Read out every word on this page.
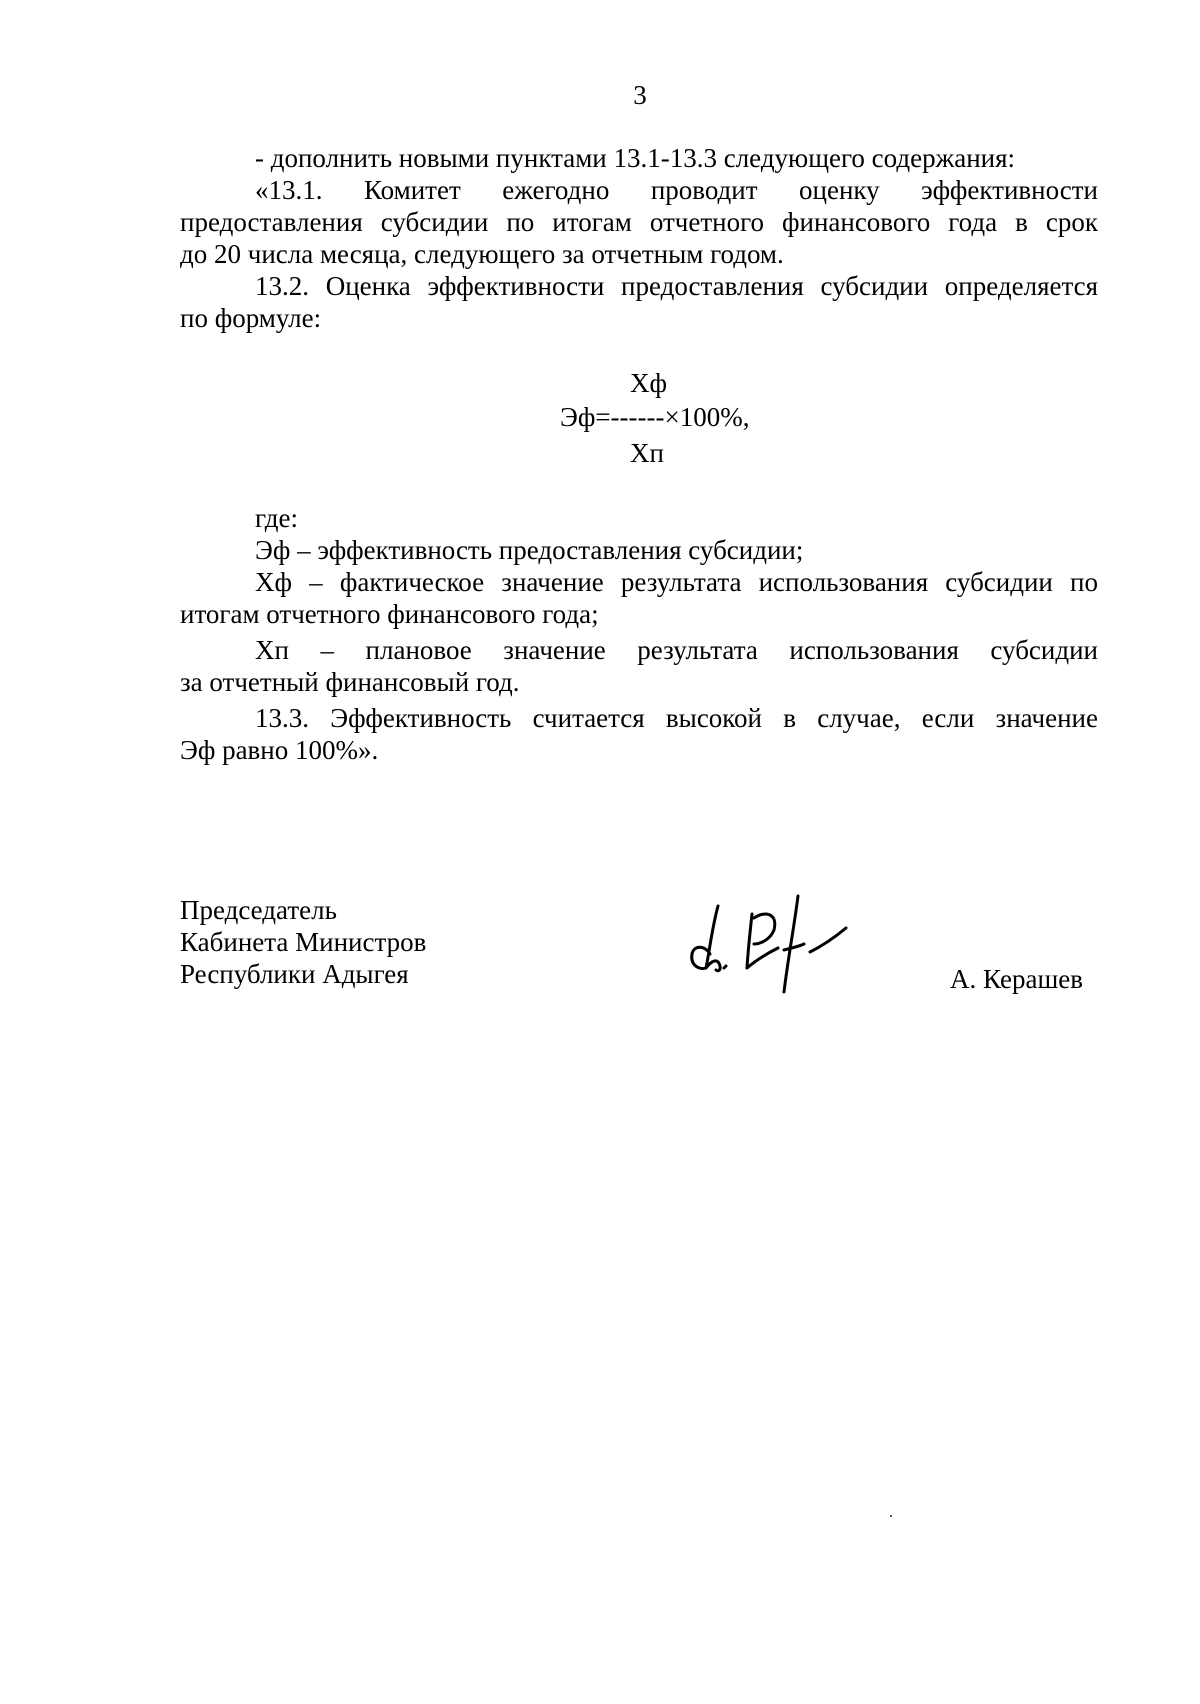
3
- дополнить новыми пунктами 13.1-13.3 следующего содержания:
«13.1. Комитет ежегодно проводит оценку эффективности
предоставления субсидии по итогам отчетного финансового года в срок
до 20 числа месяца, следующего за отчетным годом.
13.2. Оценка эффективности предоставления субсидии определяется
по формуле:
Хф
Эф=------×100%,
Хп
где:
Эф – эффективность предоставления субсидии;
Хф – фактическое значение результата использования субсидии по
итогам отчетного финансового года;
Хп – плановое значение результата использования субсидии
за отчетный финансовый год.
13.3. Эффективность считается высокой в случае, если значение
Эф равно 100%».
Председатель
Кабинета Министров
Республики Адыгея	А. Керашев
